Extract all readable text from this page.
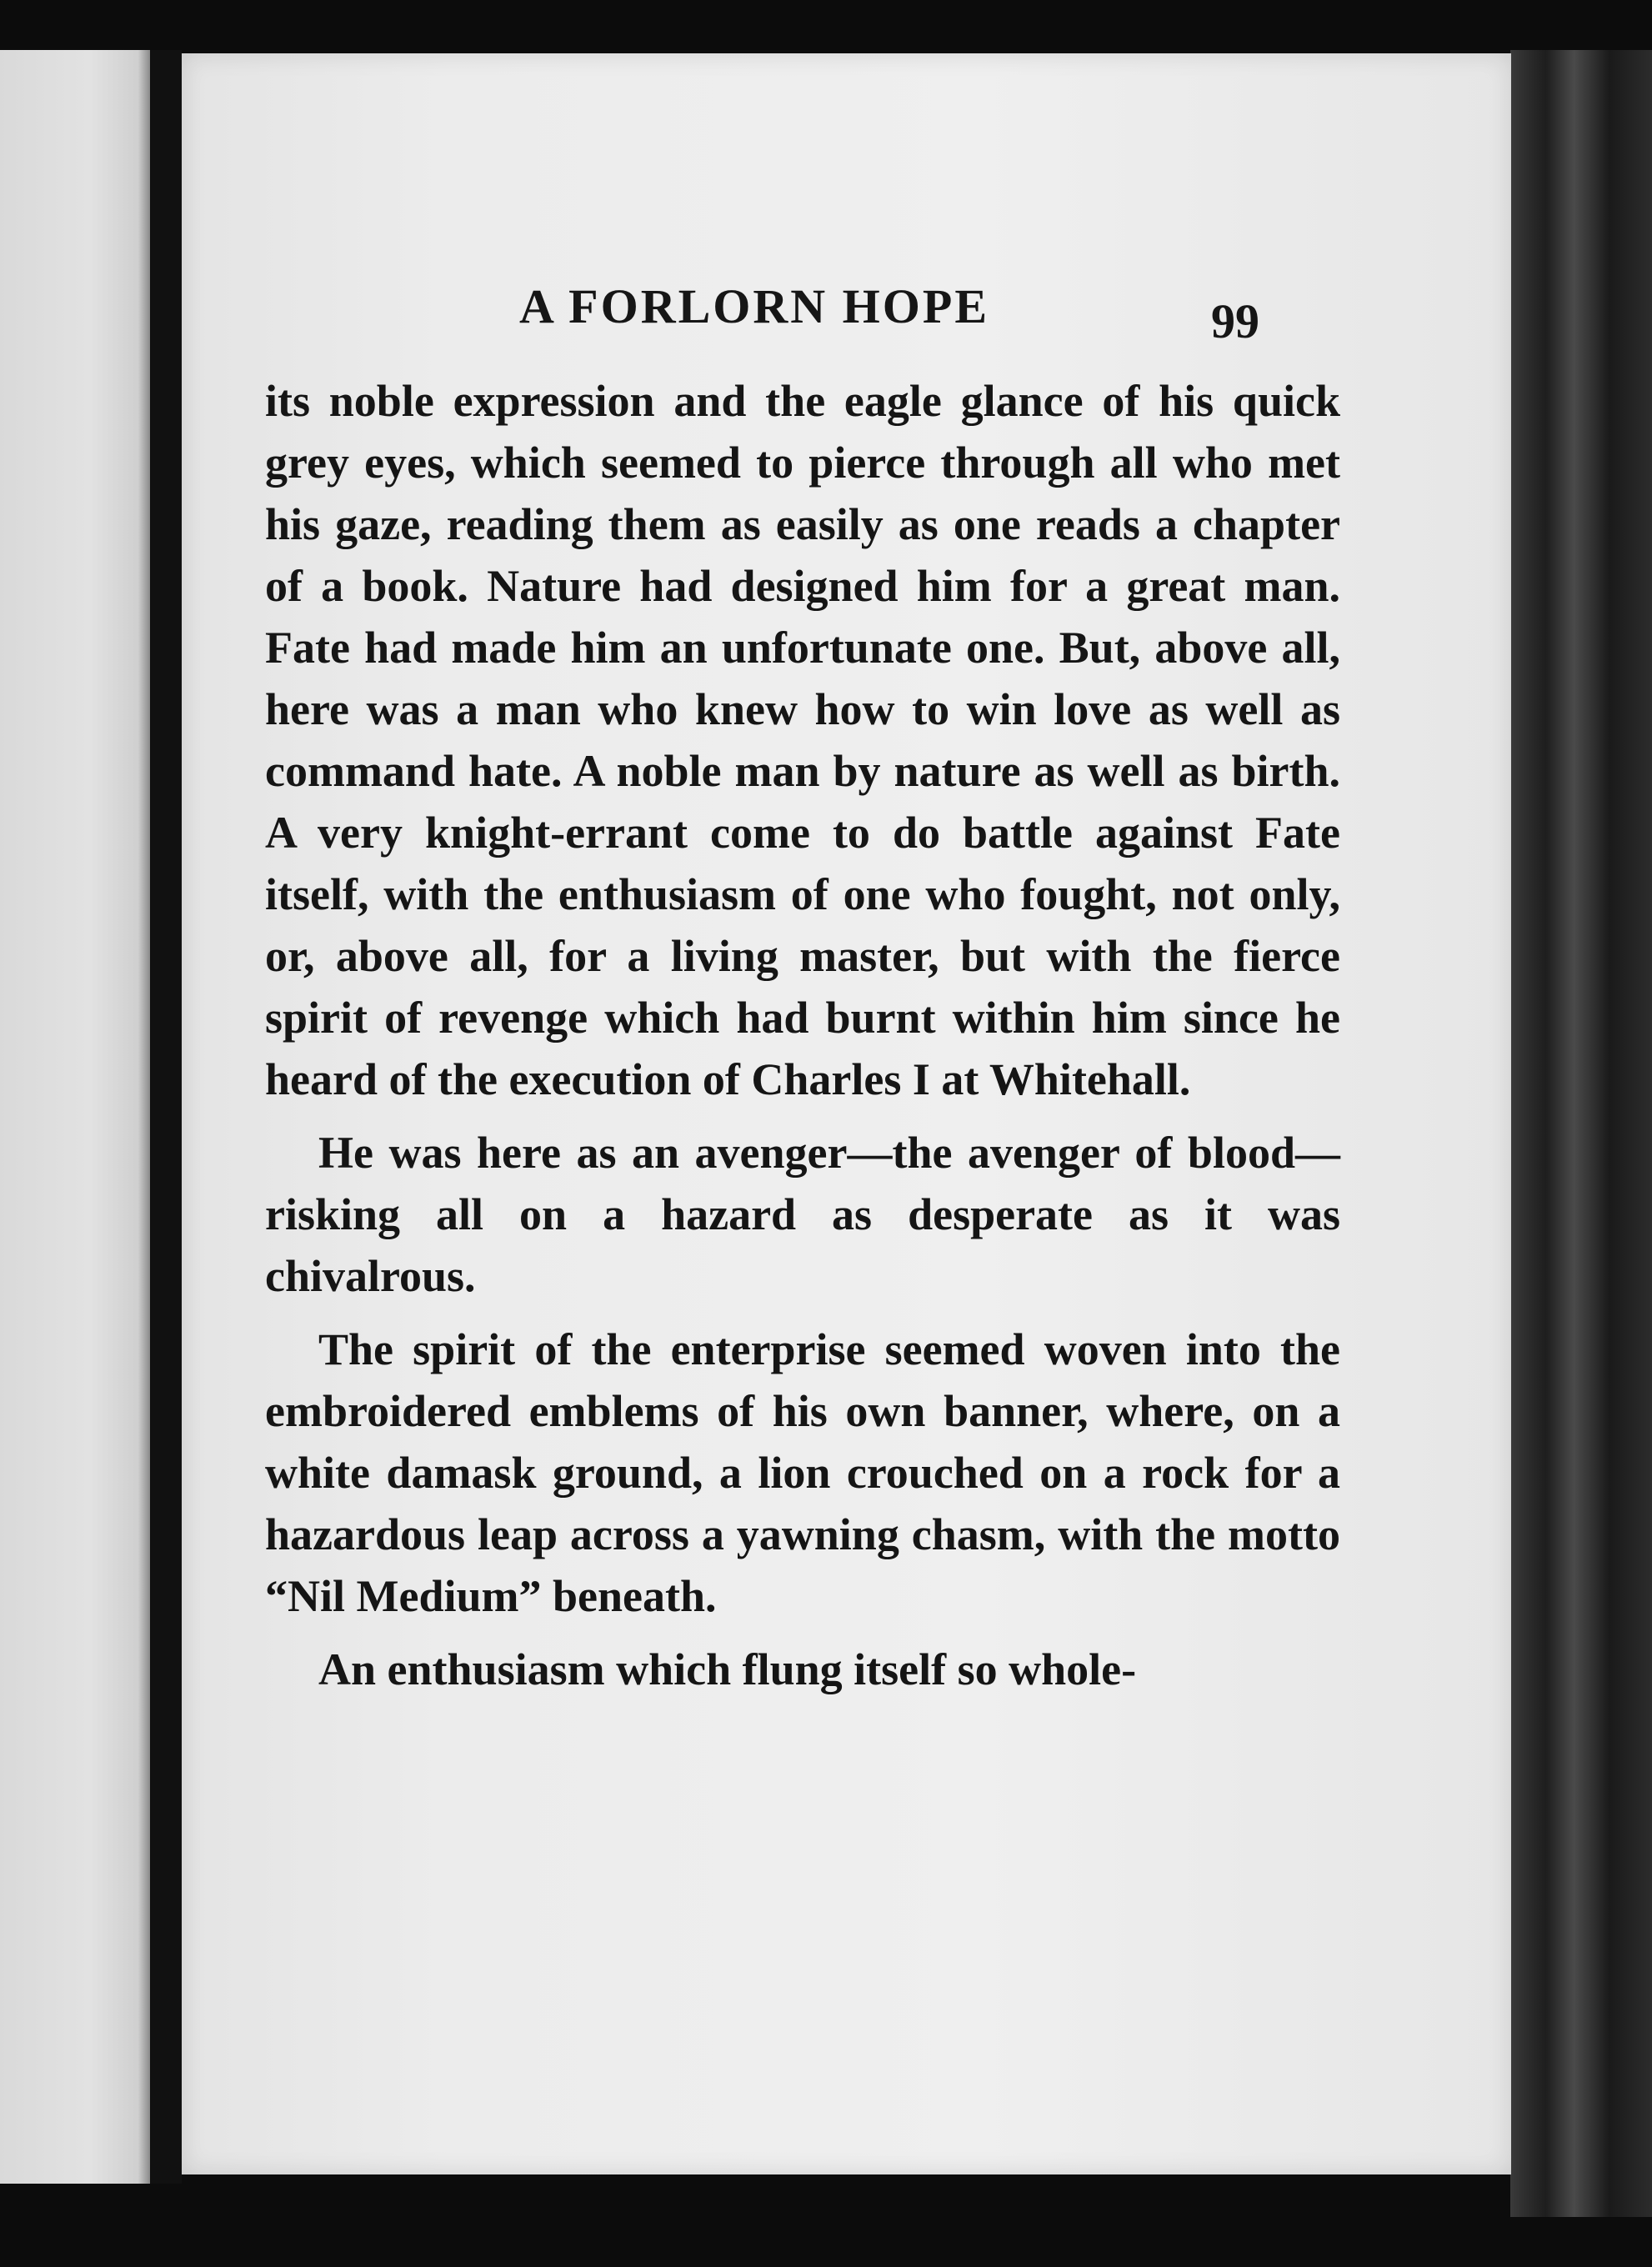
A FORLORN HOPE	99

its noble expression and the eagle glance of his quick grey eyes, which seemed to pierce through all who met his gaze, reading them as easily as one reads a chapter of a book. Nature had designed him for a great man. Fate had made him an unfortunate one. But, above all, here was a man who knew how to win love as well as command hate. A noble man by nature as well as birth. A very knight-errant come to do battle against Fate itself, with the enthusiasm of one who fought, not only, or, above all, for a living master, but with the fierce spirit of revenge which had burnt within him since he heard of the execution of Charles I at Whitehall.

He was here as an avenger—the avenger of blood—risking all on a hazard as desperate as it was chivalrous.

The spirit of the enterprise seemed woven into the embroidered emblems of his own banner, where, on a white damask ground, a lion crouched on a rock for a hazardous leap across a yawning chasm, with the motto “Nil Medium” beneath.

An enthusiasm which flung itself so whole-
